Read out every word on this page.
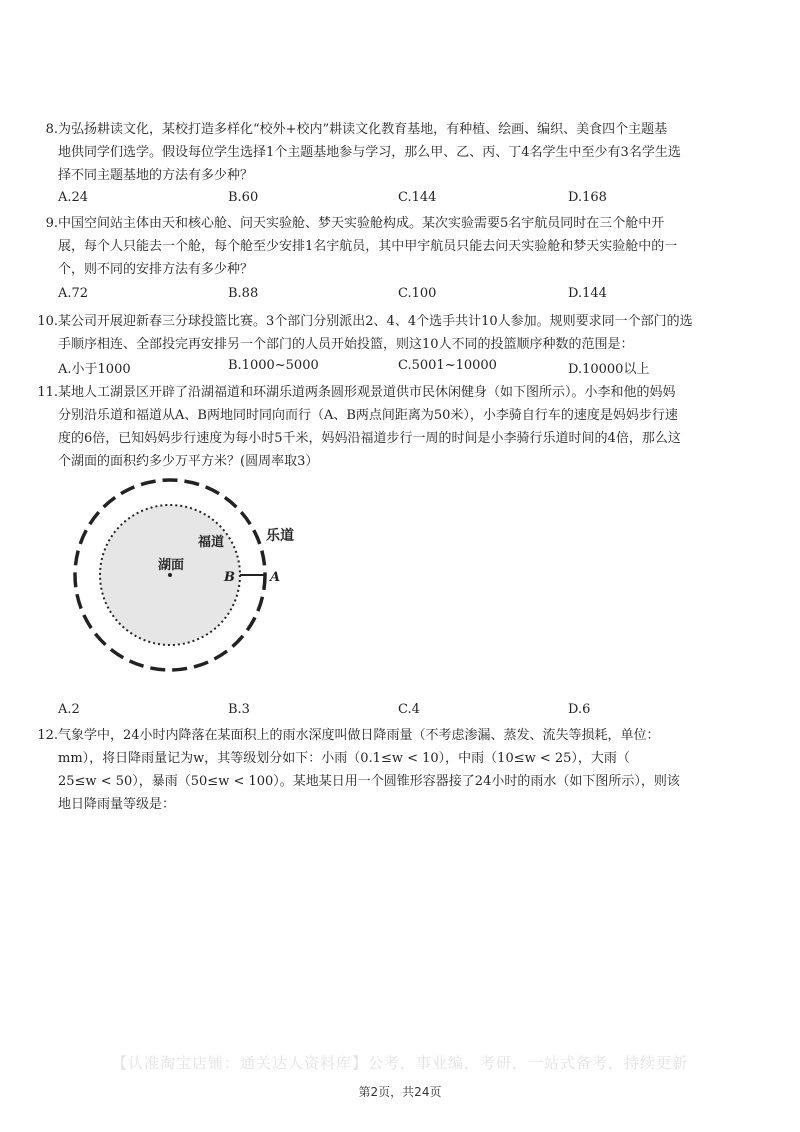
8.为弘扬耕读文化，某校打造多样化“校外+校内”耕读文化教育基地，有种植、绘画、编织、美食四个主题基
地供同学们选学。假设每位学生选择1个主题基地参与学习，那么甲、乙、丙、丁4名学生中至少有3名学生选
择不同主题基地的方法有多少种？
A.24	B.60	C.144	D.168
9.中国空间站主体由天和核心舱、问天实验舱、梦天实验舱构成。某次实验需要5名宇航员同时在三个舱中开
展，每个人只能去一个舱，每个舱至少安排1名宇航员，其中甲宇航员只能去问天实验舱和梦天实验舱中的一
个，则不同的安排方法有多少种？
A.72	B.88	C.100	D.144
10.某公司开展迎新春三分球投篮比赛。3个部门分别派出2、4、4个选手共计10人参加。规则要求同一个部门的选
手顺序相连、全部投完再安排另一个部门的人员开始投篮，则这10人不同的投篮顺序种数的范围是：
A.小于1000	B.1000~5000	C.5001~10000	D.10000以上
11.某地人工湖景区开辟了沿湖福道和环湖乐道两条圆形观景道供市民休闲健身（如下图所示）。小李和他的妈妈
分别沿乐道和福道从A、B两地同时同向而行（A、B两点间距离为50米），小李骑自行车的速度是妈妈步行速
度的6倍，已知妈妈步行速度为每小时5千米，妈妈沿福道步行一周的时间是小李骑行乐道时间的4倍，那么这
个湖面的面积约多少万平方米？(圆周率取3）
湖面
福道	乐道
B	A
A.2	B.3	C.4	D.6
12.气象学中，24小时内降落在某面积上的雨水深度叫做日降雨量（不考虑渗漏、蒸发、流失等损耗，单位：
mm），将日降雨量记为w，其等级划分如下：小雨（0.1≤w < 10），中雨（10≤w < 25），大雨（
25≤w < 50），暴雨（50≤w < 100）。某地某日用一个圆锥形容器接了24小时的雨水（如下图所示），则该
地日降雨量等级是：
【认准淘宝店铺：通关达人资料库】公考，事业编，考研，一站式备考，持续更新
第2页，共24页
